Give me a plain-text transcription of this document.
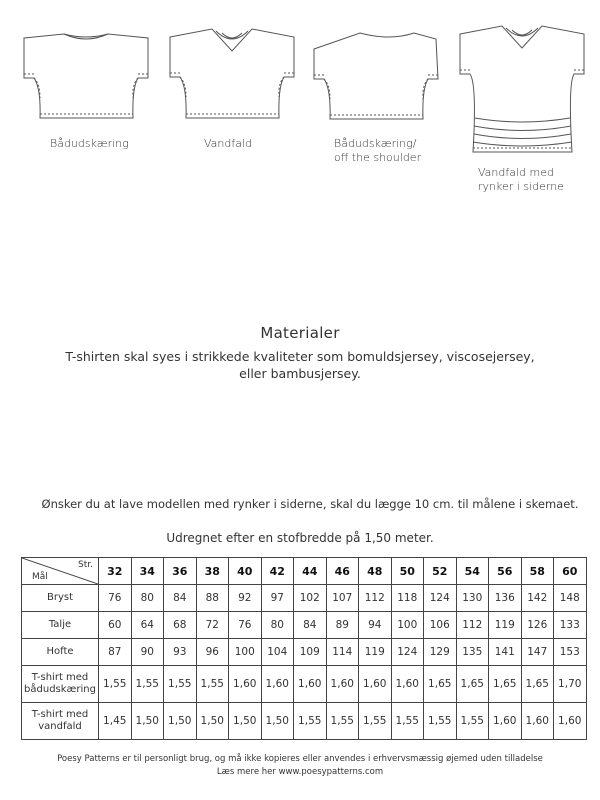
Bådudskæring	Vandfald	Bådudskæring/
off the shoulder
Vandfald med
rynker i siderne
Materialer
T-shirten skal syes i strikkede kvaliteter som bomuldsjersey, viscosejersey,
eller bambusjersey.
Ønsker du at lave modellen med rynker i siderne, skal du lægge 10 cm. til målene i skemaet.
Udregnet efter en stofbredde på 1,50 meter.
Str.
Mål	32	34	36	38	40	42	44	46	48	50	52	54	56	58	60
Bryst	76	80	84	88	92	97	102	107	112	118	124	130	136	142	148
Talje	60	64	68	72	76	80	84	89	94	100	106	112	119	126	133
Hofte	87	90	93	96	100	104	109	114	119	124	129	135	141	147	153
T-shirt med
bådudskæring	1,55	1,55	1,55	1,55	1,60	1,60	1,60	1,60	1,60	1,60	1,65	1,65	1,65	1,65	1,70
T-shirt med
vandfald	1,45	1,50	1,50	1,50	1,50	1,50	1,55	1,55	1,55	1,55	1,55	1,55	1,60	1,60	1,60
Poesy Patterns er til personligt brug, og må ikke kopieres eller anvendes i erhvervsmæssig øjemed uden tilladelse
Læs mere her www.poesypatterns.com
